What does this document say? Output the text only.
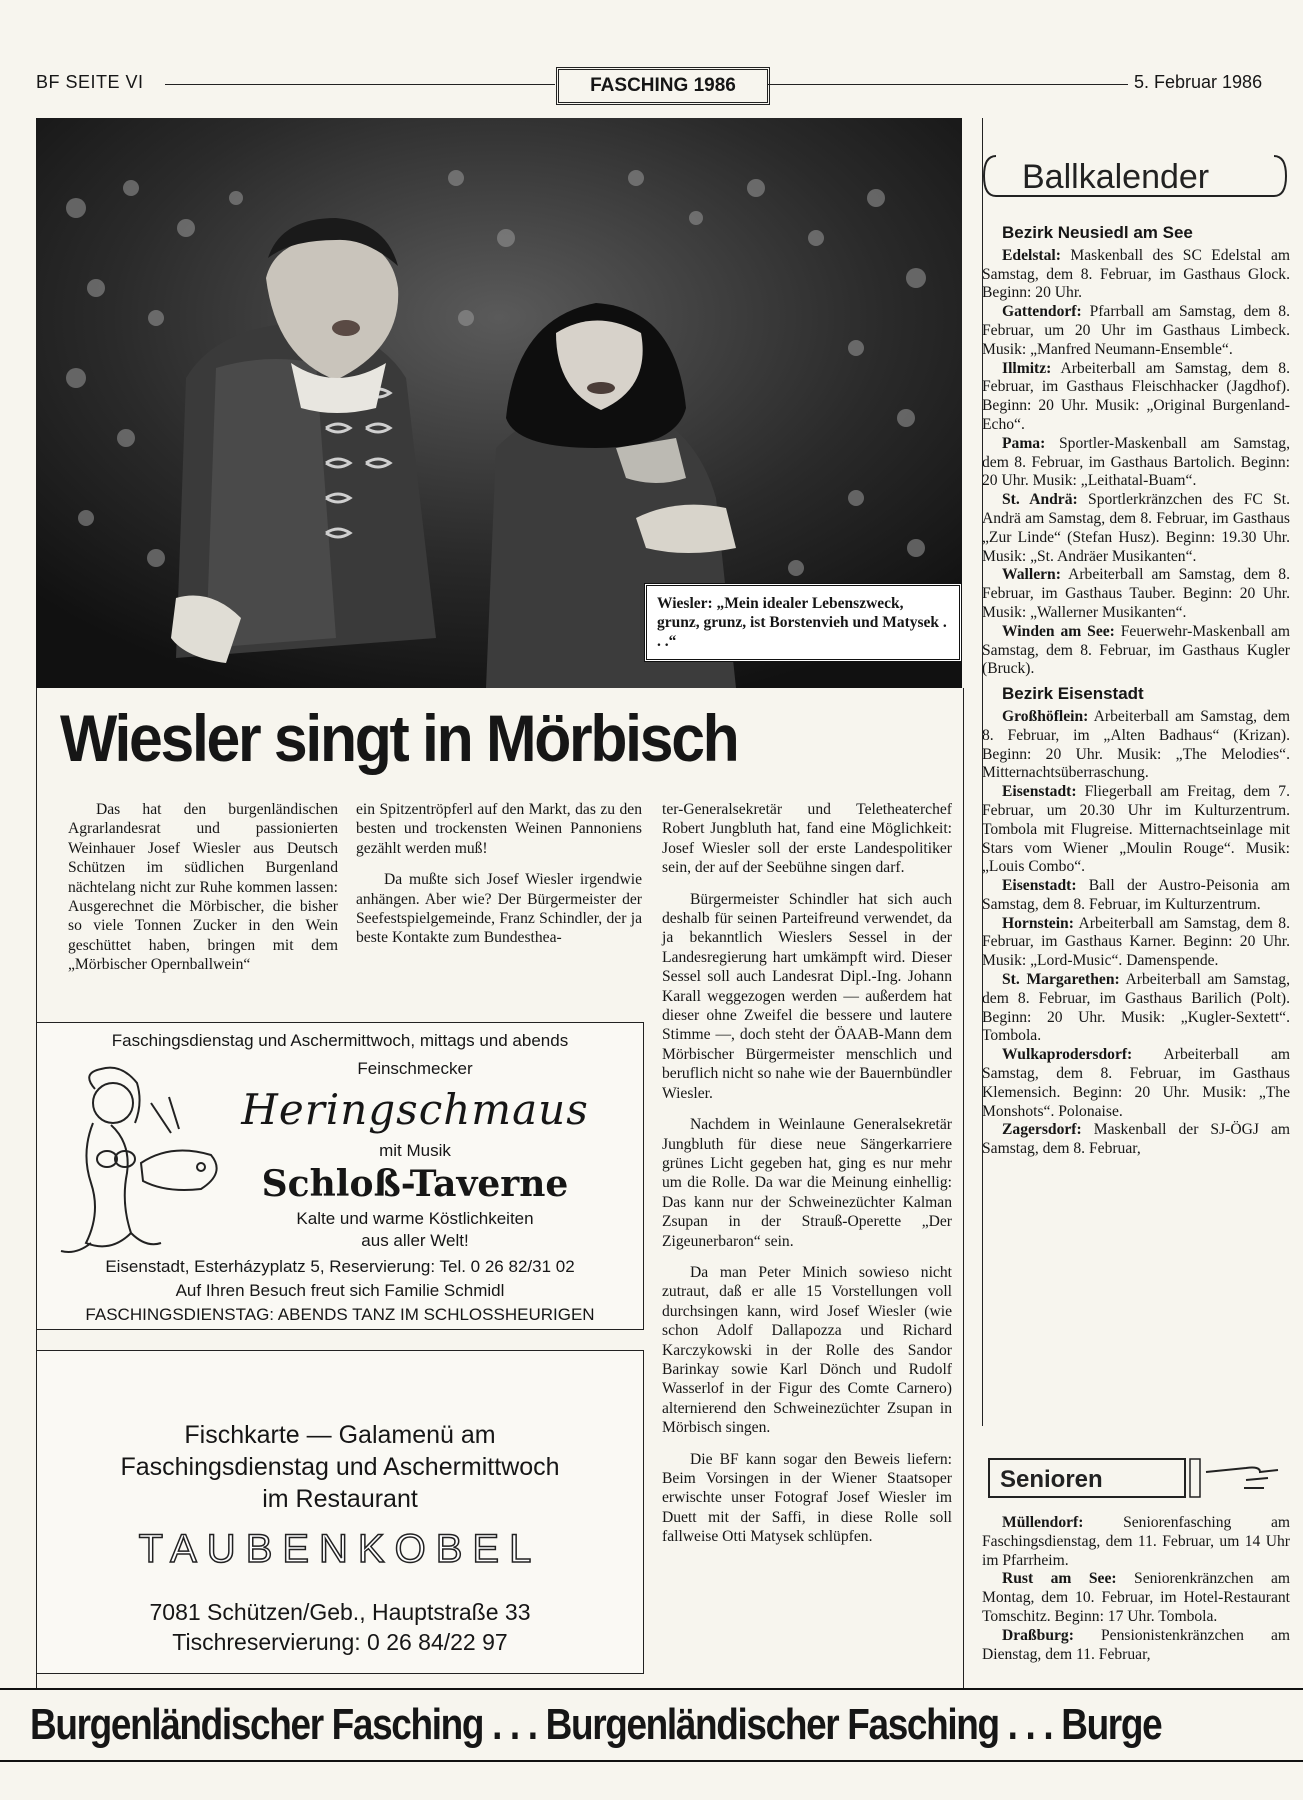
BF SEITE VI	FASCHING 1986	5. Februar 1986
Wiesler: „Mein idealer Lebenszweck, grunz, grunz, ist Borstenvieh und Matysek . . .“
Wiesler singt in Mörbisch

Das hat den burgenländischen Agrarlandesrat und passionierten Weinhauer Josef Wiesler aus Deutsch Schützen im südlichen Burgenland nächtelang nicht zur Ruhe kommen lassen: Ausgerechnet die Mörbischer, die bisher so viele Tonnen Zucker in den Wein geschüttet haben, bringen mit dem „Mörbischer Opernballwein“

ein Spitzentröpferl auf den Markt, das zu den besten und trockensten Weinen Pannoniens gezählt werden muß!

Da mußte sich Josef Wiesler irgendwie anhängen. Aber wie? Der Bürgermeister der Seefestspielgemeinde, Franz Schindler, der ja beste Kontakte zum Bundesthea-

ter-Generalsekretär und Teletheaterchef Robert Jungbluth hat, fand eine Möglichkeit: Josef Wiesler soll der erste Landespolitiker sein, der auf der Seebühne singen darf.

Bürgermeister Schindler hat sich auch deshalb für seinen Parteifreund verwendet, da ja bekanntlich Wieslers Sessel in der Landesregierung hart umkämpft wird. Dieser Sessel soll auch Landesrat Dipl.-Ing. Johann Karall weggezogen werden — außerdem hat dieser ohne Zweifel die bessere und lautere Stimme —, doch steht der ÖAAB-Mann dem Mörbischer Bürgermeister menschlich und beruflich nicht so nahe wie der Bauernbündler Wiesler.

Nachdem in Weinlaune Generalsekretär Jungbluth für diese neue Sängerkarriere grünes Licht gegeben hat, ging es nur mehr um die Rolle. Da war die Meinung einhellig: Das kann nur der Schweinezüchter Kalman Zsupan in der Strauß-Operette „Der Zigeunerbaron“ sein.

Da man Peter Minich sowieso nicht zutraut, daß er alle 15 Vorstellungen voll durchsingen kann, wird Josef Wiesler (wie schon Adolf Dallapozza und Richard Karczykowski in der Rolle des Sandor Barinkay sowie Karl Dönch und Rudolf Wasserlof in der Figur des Comte Carnero) alternierend den Schweinezüchter Zsupan in Mörbisch singen.

Die BF kann sogar den Beweis liefern: Beim Vorsingen in der Wiener Staatsoper erwischte unser Fotograf Josef Wiesler im Duett mit der Saffi, in diese Rolle soll fallweise Otti Matysek schlüpfen.

Faschingsdienstag und Aschermittwoch, mittags und abends
Feinschmecker
Heringschmaus
mit Musik
Schloß-Taverne
Kalte und warme Köstlichkeiten
aus aller Welt!
Eisenstadt, Esterházyplatz 5, Reservierung: Tel. 0 26 82/31 02
Auf Ihren Besuch freut sich Familie Schmidl
FASCHINGSDIENSTAG: ABENDS TANZ IM SCHLOSSHEURIGEN
Fischkarte — Galamenü am
Faschingsdienstag und Aschermittwoch
im Restaurant
TAUBENKOBEL
7081 Schützen/Geb., Hauptstraße 33
Tischreservierung: 0 26 84/22 97
Ballkalender
Bezirk Neusiedl am See

Edelstal: Maskenball des SC Edelstal am Samstag, dem 8. Februar, im Gasthaus Glock. Beginn: 20 Uhr.

Gattendorf: Pfarrball am Samstag, dem 8. Februar, um 20 Uhr im Gasthaus Limbeck. Musik: „Manfred Neumann-Ensemble“.

Illmitz: Arbeiterball am Samstag, dem 8. Februar, im Gasthaus Fleischhacker (Jagdhof). Beginn: 20 Uhr. Musik: „Original Burgenland-Echo“.

Pama: Sportler-Maskenball am Samstag, dem 8. Februar, im Gasthaus Bartolich. Beginn: 20 Uhr. Musik: „Leithatal-Buam“.

St. Andrä: Sportlerkränzchen des FC St. Andrä am Samstag, dem 8. Februar, im Gasthaus „Zur Linde“ (Stefan Husz). Beginn: 19.30 Uhr. Musik: „St. Andräer Musikanten“.

Wallern: Arbeiterball am Samstag, dem 8. Februar, im Gasthaus Tauber. Beginn: 20 Uhr. Musik: „Wallerner Musikanten“.

Winden am See: Feuerwehr-Maskenball am Samstag, dem 8. Februar, im Gasthaus Kugler (Bruck).

Bezirk Eisenstadt

Großhöflein: Arbeiterball am Samstag, dem 8. Februar, im „Alten Badhaus“ (Krizan). Beginn: 20 Uhr. Musik: „The Melodies“. Mitternachtsüberraschung.

Eisenstadt: Fliegerball am Freitag, dem 7. Februar, um 20.30 Uhr im Kulturzentrum. Tombola mit Flugreise. Mitternachtseinlage mit Stars vom Wiener „Moulin Rouge“. Musik: „Louis Combo“.

Eisenstadt: Ball der Austro-Peisonia am Samstag, dem 8. Februar, im Kulturzentrum.

Hornstein: Arbeiterball am Samstag, dem 8. Februar, im Gasthaus Karner. Beginn: 20 Uhr. Musik: „Lord-Music“. Damenspende.

St. Margarethen: Arbeiterball am Samstag, dem 8. Februar, im Gasthaus Barilich (Polt). Beginn: 20 Uhr. Musik: „Kugler-Sextett“. Tombola.

Wulkaprodersdorf: Arbeiterball am Samstag, dem 8. Februar, im Gasthaus Klemensich. Beginn: 20 Uhr. Musik: „The Monshots“. Polonaise.

Zagersdorf: Maskenball der SJ-ÖGJ am Samstag, dem 8. Februar,

Senioren

Müllendorf: Seniorenfasching am Faschingsdienstag, dem 11. Februar, um 14 Uhr im Pfarrheim.

Rust am See: Seniorenkränzchen am Montag, dem 10. Februar, im Hotel-Restaurant Tomschitz. Beginn: 17 Uhr. Tombola.

Draßburg: Pensionistenkränzchen am Dienstag, dem 11. Februar,

Burgenländischer Fasching . . . Burgenländischer Fasching . . . Burge
